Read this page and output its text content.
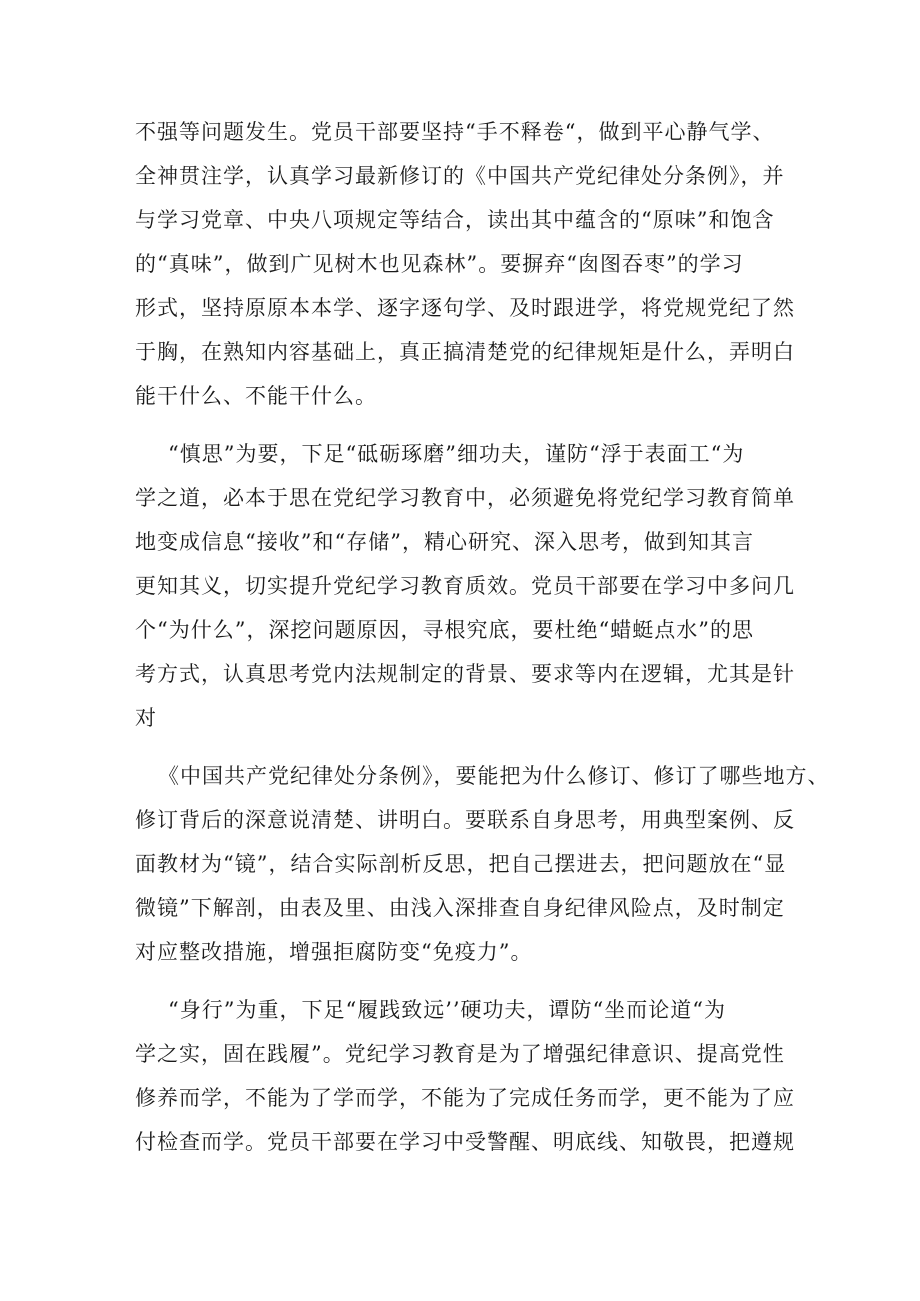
不强等问题发生。党员干部要坚持“手不释卷“，做到平心静气学、
全神贯注学，认真学习最新修订的《中国共产党纪律处分条例》，并
与学习党章、中央八项规定等结合，读出其中蕴含的“原味”和饱含
的“真味”，做到广见树木也见森林”。要摒弃“囱图吞枣”的学习
形式，坚持原原本本学、逐字逐句学、及时跟进学，将党规党纪了然
于胸，在熟知内容基础上，真正搞清楚党的纪律规矩是什么，弄明白
能干什么、不能干什么。
“慎思”为要，下足“砥砺琢磨”细功夫，谨防“浮于表面工“为
学之道，必本于思在党纪学习教育中，必须避免将党纪学习教育简单
地变成信息“接收”和“存储”，精心研究、深入思考，做到知其言
更知其义，切实提升党纪学习教育质效。党员干部要在学习中多问几
个“为什么”，深挖问题原因，寻根究底，要杜绝“蜡蜓点水”的思
考方式，认真思考党内法规制定的背景、要求等内在逻辑，尤其是针
对
《中国共产党纪律处分条例》，要能把为什么修订、修订了哪些地方、
修订背后的深意说清楚、讲明白。要联系自身思考，用典型案例、反
面教材为“镜”，结合实际剖析反思，把自己摆进去，把问题放在“显
微镜”下解剖，由表及里、由浅入深排查自身纪律风险点，及时制定
对应整改措施，增强拒腐防变“免疫力”。
“身行”为重，下足“履践致远’’硬功夫，谭防“坐而论道“为
学之实，固在践履”。党纪学习教育是为了增强纪律意识、提高党性
修养而学，不能为了学而学，不能为了完成任务而学，更不能为了应
付检查而学。党员干部要在学习中受警醒、明底线、知敬畏，把遵规
